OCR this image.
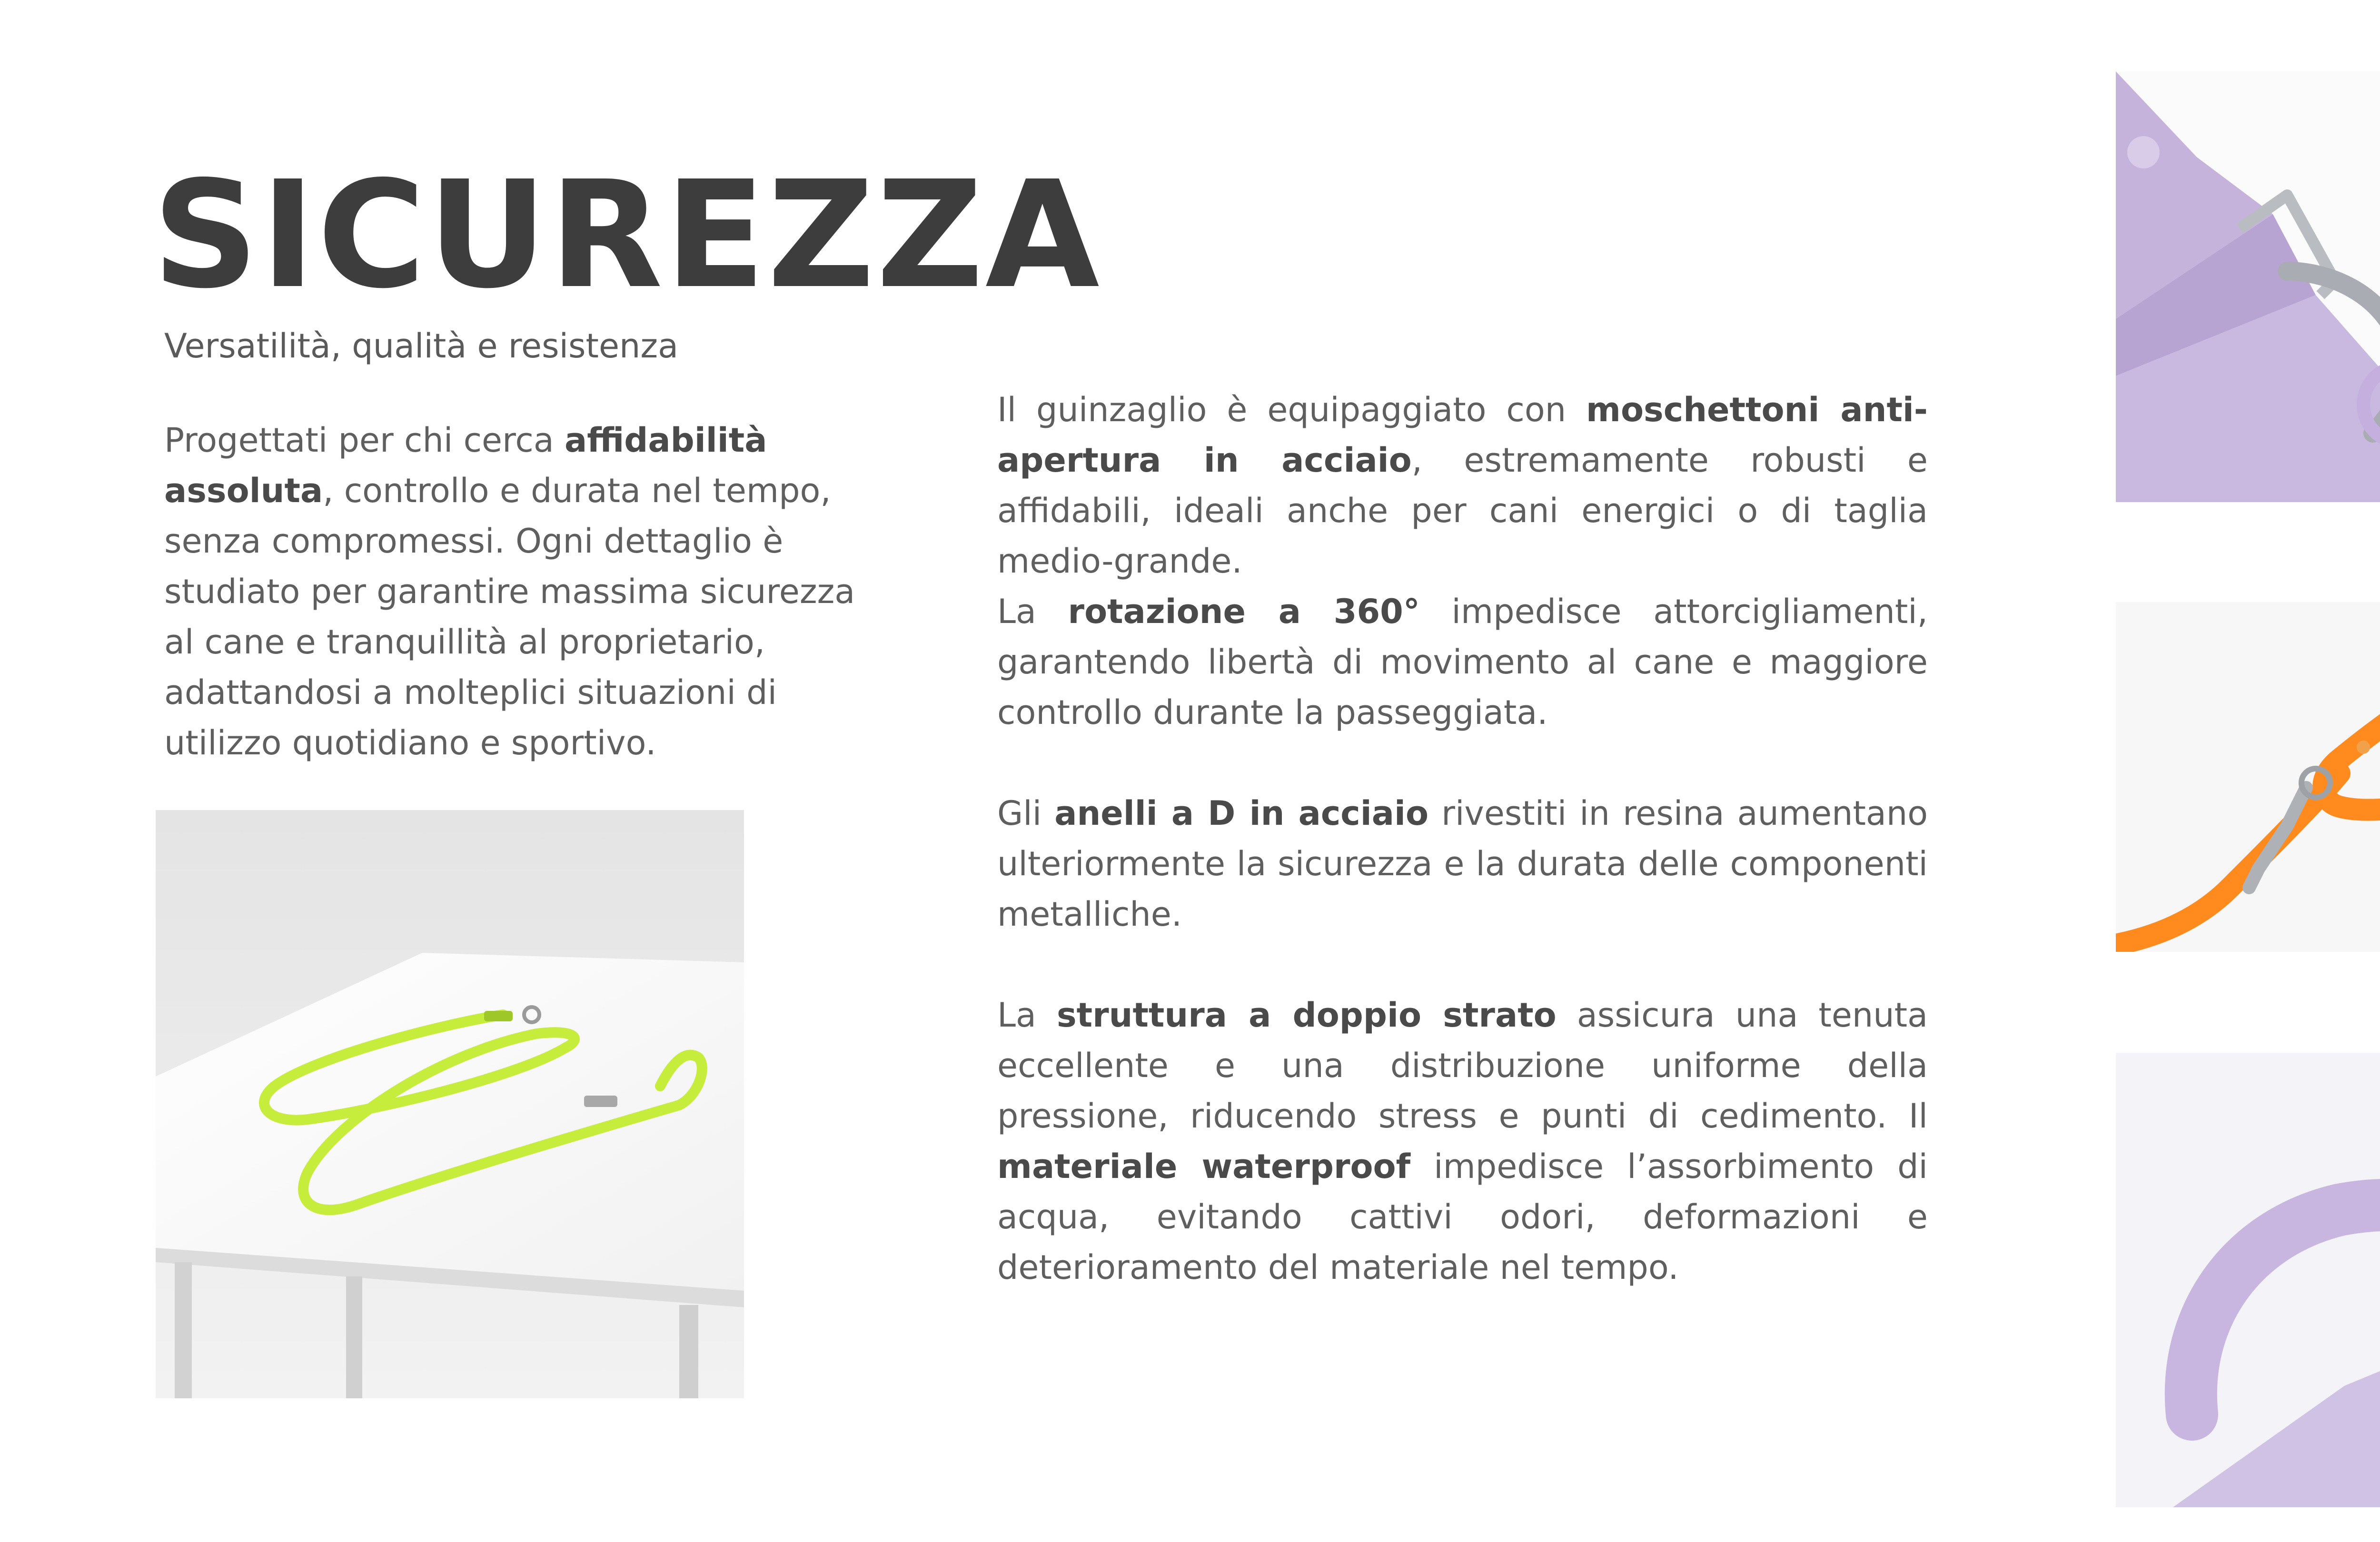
SICUREZZA
Versatilità, qualità e resistenza
Progettati per chi cerca affidabilità assoluta, controllo e durata nel tempo, senza compromessi. Ogni dettaglio è studiato per garantire massima sicurezza al cane e tranquillità al proprietario, adattandosi a molteplici situazioni di utilizzo quotidiano e sportivo.
Il guinzaglio è equipaggiato con moschettoni anti-apertura in acciaio, estremamente robusti e affidabili, ideali anche per cani energici o di taglia medio-grande.
La rotazione a 360° impedisce attorcigliamenti, garantendo libertà di movimento al cane e maggiore controllo durante la passeggiata.
Gli anelli a D in acciaio rivestiti in resina aumentano ulteriormente la sicurezza e la durata delle componenti metalliche.
La struttura a doppio strato assicura una tenuta eccellente e una distribuzione uniforme della pressione, riducendo stress e punti di cedimento. Il materiale waterproof impedisce l’assorbimento di acqua, evitando cattivi odori, deformazioni e deterioramento del materiale nel tempo.
